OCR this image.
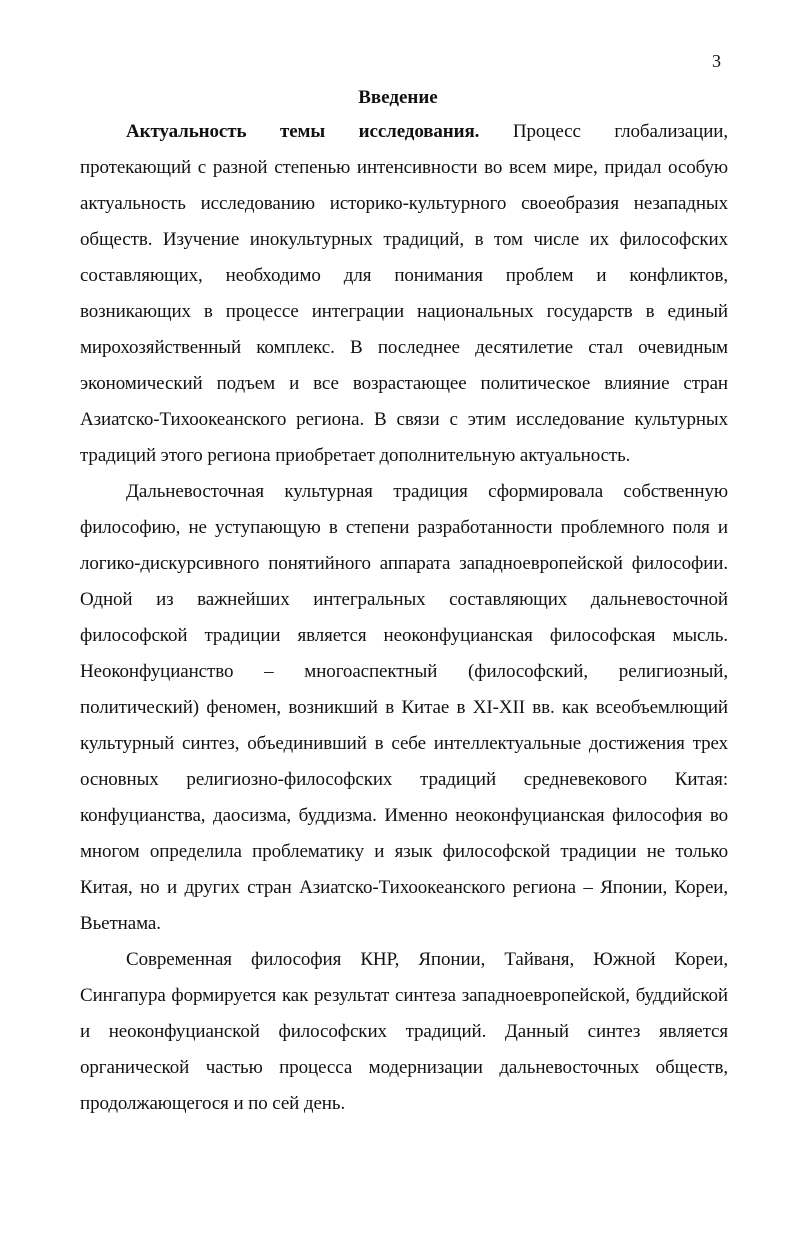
3
Введение

Актуальность темы исследования. Процесс глобализации, протекающий с разной степенью интенсивности во всем мире, придал особую актуальность исследованию историко-культурного своеобразия незападных обществ. Изучение инокультурных традиций, в том числе их философских составляющих, необходимо для понимания проблем и конфликтов, возникающих в процессе интеграции национальных государств в единый мирохозяйственный комплекс. В последнее десятилетие стал очевидным экономический подъем и все возрастающее политическое влияние стран Азиатско-Тихоокеанского региона. В связи с этим исследование культурных традиций этого региона приобретает дополнительную актуальность.

Дальневосточная культурная традиция сформировала собственную философию, не уступающую в степени разработанности проблемного поля и логико-дискурсивного понятийного аппарата западноевропейской философии. Одной из важнейших интегральных составляющих дальневосточной философской традиции является неоконфуцианская философская мысль. Неоконфуцианство – многоаспектный (философский, религиозный, политический) феномен, возникший в Китае в XI-XII вв. как всеобъемлющий культурный синтез, объединивший в себе интеллектуальные достижения трех основных религиозно-философских традиций средневекового Китая: конфуцианства, даосизма, буддизма. Именно неоконфуцианская философия во многом определила проблематику и язык философской традиции не только Китая, но и других стран Азиатско-Тихоокеанского региона – Японии, Кореи, Вьетнама.

Современная философия КНР, Японии, Тайваня, Южной Кореи, Сингапура формируется как результат синтеза западноевропейской, буддийской и неоконфуцианской философских традиций. Данный синтез является органической частью процесса модернизации дальневосточных обществ, продолжающегося и по сей день.
